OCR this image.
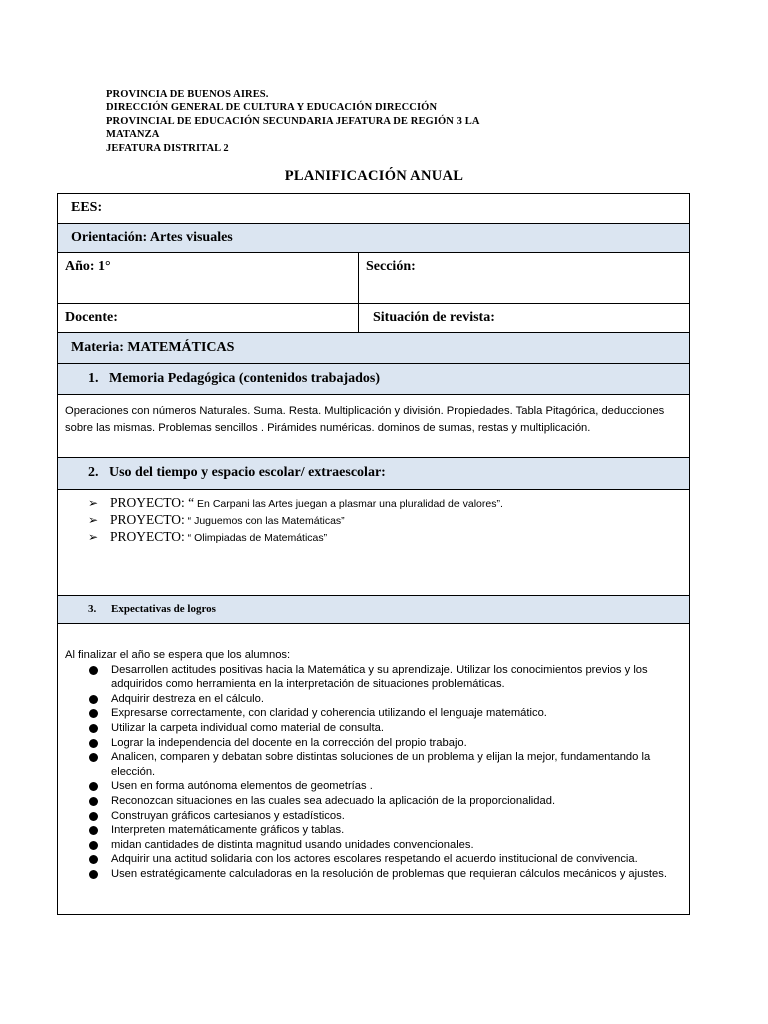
PROVINCIA DE BUENOS AIRES.
DIRECCIÓN GENERAL DE CULTURA Y EDUCACIÓN DIRECCIÓN
PROVINCIAL DE EDUCACIÓN SECUNDARIA JEFATURA DE REGIÓN 3 LA
MATANZA
JEFATURA DISTRITAL 2
PLANIFICACIÓN ANUAL
EES:
Orientación: Artes visuales
Año: 1°	Sección:
Docente:	Situación de revista:
Materia: MATEMÁTICAS
1. Memoria Pedagógica (contenidos trabajados)
Operaciones con números Naturales. Suma. Resta. Multiplicación y división. Propiedades. Tabla Pitagórica, deducciones sobre las mismas. Problemas sencillos . Pirámides numéricas. dominos de sumas, restas y multiplicación.
2. Uso del tiempo y espacio escolar/ extraescolar:
➢ PROYECTO: “ En Carpani las Artes juegan a plasmar una pluralidad de valores”.
➢ PROYECTO: “ Juguemos con las Matemáticas”
➢ PROYECTO: “ Olimpiadas de Matemáticas”
3. Expectativas de logros
Al finalizar el año se espera que los alumnos:
Desarrollen actitudes positivas hacia la Matemática y su aprendizaje. Utilizar los conocimientos previos y los adquiridos como herramienta en la interpretación de situaciones problemáticas.
Adquirir destreza en el cálculo.
Expresarse correctamente, con claridad y coherencia utilizando el lenguaje matemático.
Utilizar la carpeta individual como material de consulta.
Lograr la independencia del docente en la corrección del propio trabajo.
Analicen, comparen y debatan sobre distintas soluciones de un problema y elijan la mejor, fundamentando la elección.
Usen en forma autónoma elementos de geometrías .
Reconozcan situaciones en las cuales sea adecuado la aplicación de la proporcionalidad.
Construyan gráficos cartesianos y estadísticos.
Interpreten matemáticamente gráficos y tablas.
midan cantidades de distinta magnitud usando unidades convencionales.
Adquirir una actitud solidaria con los actores escolares respetando el acuerdo institucional de convivencia.
Usen estratégicamente calculadoras en la resolución de problemas que requieran cálculos mecánicos y ajustes.
